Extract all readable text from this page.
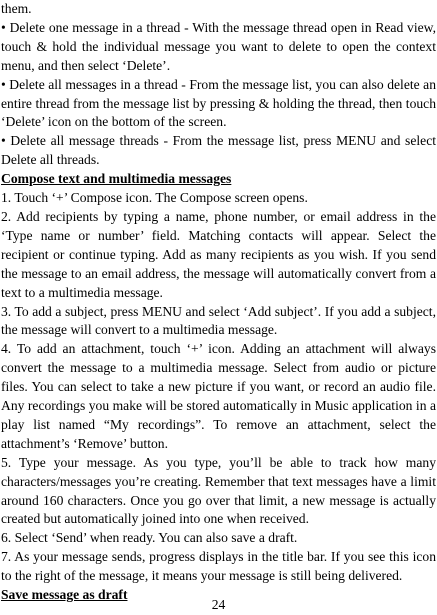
them.

• Delete one message in a thread - With the message thread open in Read view, touch & hold the individual message you want to delete to open the context menu, and then select ‘Delete’.

• Delete all messages in a thread - From the message list, you can also delete an entire thread from the message list by pressing & holding the thread, then touch ‘Delete’ icon on the bottom of the screen.

• Delete all message threads - From the message list, press MENU and select Delete all threads.

Compose text and multimedia messages

1. Touch ‘+’ Compose icon. The Compose screen opens.

2. Add recipients by typing a name, phone number, or email address in the ‘Type name or number’ field. Matching contacts will appear. Select the recipient or continue typing. Add as many recipients as you wish. If you send the message to an email address, the message will automatically convert from a text to a multimedia message.

3. To add a subject, press MENU and select ‘Add subject’. If you add a subject, the message will convert to a multimedia message.

4. To add an attachment, touch ‘+’ icon. Adding an attachment will always convert the message to a multimedia message. Select from audio or picture files. You can select to take a new picture if you want, or record an audio file. Any recordings you make will be stored automatically in Music application in a play list named “My recordings”. To remove an attachment, select the attachment’s ‘Remove’ button.

5. Type your message. As you type, you’ll be able to track how many characters/messages you’re creating. Remember that text messages have a limit around 160 characters. Once you go over that limit, a new message is actually created but automatically joined into one when received.

6. Select ‘Send’ when ready. You can also save a draft.

7. As your message sends, progress displays in the title bar. If you see this icon to the right of the message, it means your message is still being delivered.

Save message as draft

24
